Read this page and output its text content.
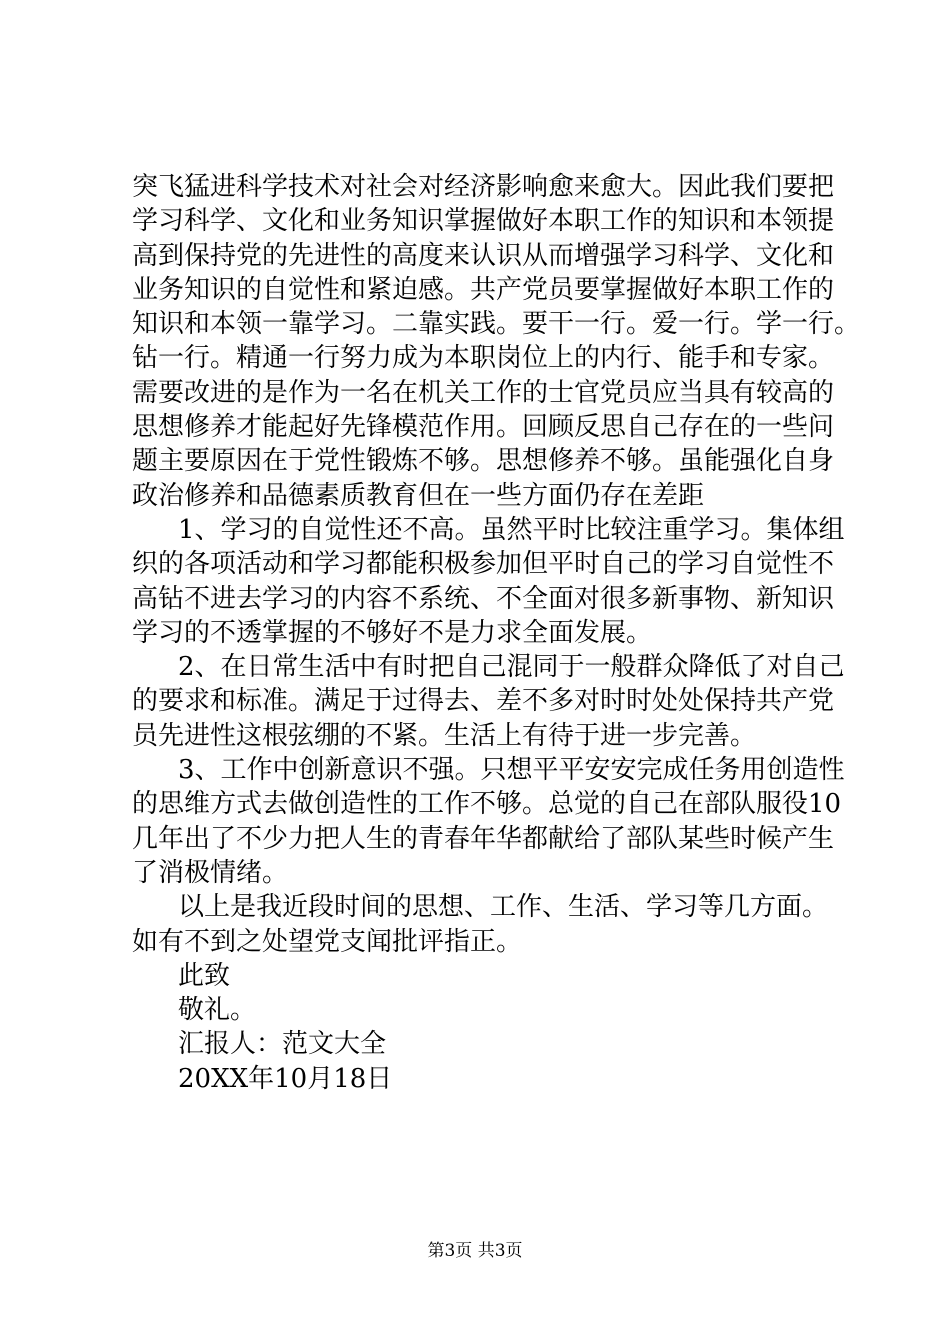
突飞猛进科学技术对社会对经济影响愈来愈大。因此我们要把
学习科学、文化和业务知识掌握做好本职工作的知识和本领提
高到保持党的先进性的高度来认识从而增强学习科学、文化和
业务知识的自觉性和紧迫感。共产党员要掌握做好本职工作的
知识和本领一靠学习。二靠实践。要干一行。爱一行。学一行。
钻一行。精通一行努力成为本职岗位上的内行、能手和专家。
需要改进的是作为一名在机关工作的士官党员应当具有较高的
思想修养才能起好先锋模范作用。回顾反思自己存在的一些问
题主要原因在于党性锻炼不够。思想修养不够。虽能强化自身
政治修养和品德素质教育但在一些方面仍存在差距
1、学习的自觉性还不高。虽然平时比较注重学习。集体组
织的各项活动和学习都能积极参加但平时自己的学习自觉性不
高钻不进去学习的内容不系统、不全面对很多新事物、新知识
学习的不透掌握的不够好不是力求全面发展。
2、在日常生活中有时把自己混同于一般群众降低了对自己
的要求和标准。满足于过得去、差不多对时时处处保持共产党
员先进性这根弦绷的不紧。生活上有待于进一步完善。
3、工作中创新意识不强。只想平平安安完成任务用创造性
的思维方式去做创造性的工作不够。总觉的自己在部队服役10
几年出了不少力把人生的青春年华都献给了部队某些时候产生
了消极情绪。
以上是我近段时间的思想、工作、生活、学习等几方面。
如有不到之处望党支闻批评指正。
此致
敬礼。
汇报人：范文大全
20XX年10月18日
第3页 共3页
